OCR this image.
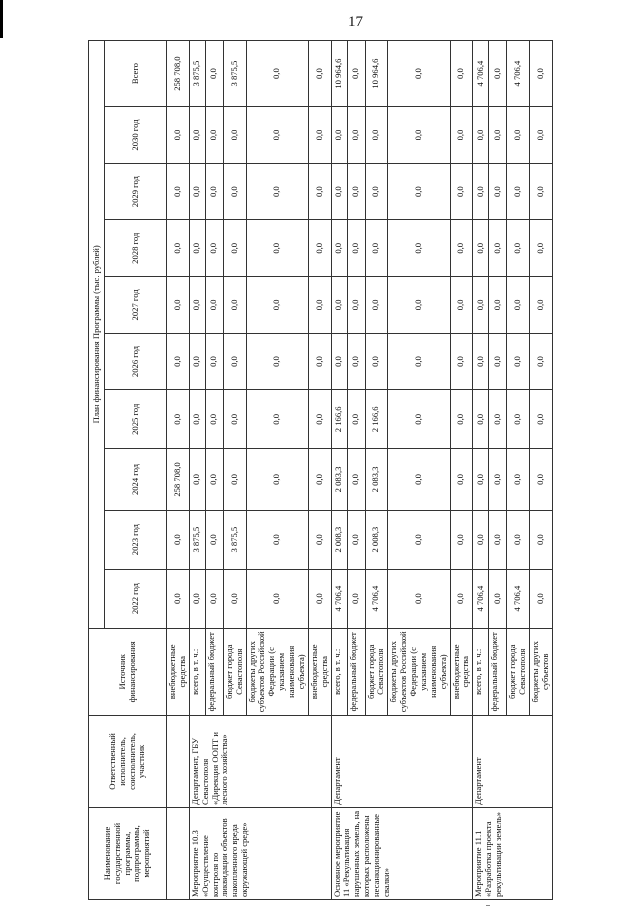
17
Наименование государственной программы, подпрограммы, мероприятий	Ответственный исполнитель, соисполнитель, участник	Источник финансирования	План финансирования Программы (тыс. рублей)									
			2022 год	2023 год	2024 год	2025 год	2026 год	2027 год	2028 год	2029 год	2030 год	Всего
		внебюджетные средства	0,0	0,0	258 708,0	0,0	0,0	0,0	0,0	0,0	0,0	258 708,0
Мероприятие 10.3 «Осуществление контроля по ликвидации объектов накопленного вреда окружающей среде»	Департамент, ГБУ Севастополя «Дирекция ООПТ и лесного хозяйства»	всего, в т. ч.:	0,0	3 875,5	0,0	0,0	0,0	0,0	0,0	0,0	0,0	3 875,5
		федеральный бюджет	0,0	0,0	0,0	0,0	0,0	0,0	0,0	0,0	0,0	0,0
		бюджет города Севастополя	0,0	3 875,5	0,0	0,0	0,0	0,0	0,0	0,0	0,0	3 875,5
		бюджеты других субъектов Российской Федерации (с указанием наименования субъекта)	0,0	0,0	0,0	0,0	0,0	0,0	0,0	0,0	0,0	0,0
		внебюджетные средства	0,0	0,0	0,0	0,0	0,0	0,0	0,0	0,0	0,0	0,0
Основное мероприятие 11 «Рекультивация нарушенных земель, на которых расположены несанкционированные свалки»	Департамент	всего, в т. ч.:	4 706,4	2 008,3	2 083,3	2 166,6	0,0	0,0	0,0	0,0	0,0	10 964,6
		федеральный бюджет	0,0	0,0	0,0	0,0	0,0	0,0	0,0	0,0	0,0	0,0
		бюджет города Севастополя	4 706,4	2 008,3	2 083,3	2 166,6	0,0	0,0	0,0	0,0	0,0	10 964,6
		бюджеты других субъектов Российской Федерации (с указанием наименования субъекта)	0,0	0,0	0,0	0,0	0,0	0,0	0,0	0,0	0,0	0,0
		внебюджетные средства	0,0	0,0	0,0	0,0	0,0	0,0	0,0	0,0	0,0	0,0
Мероприятие 11.1 «Разработка проекта рекультивации земель»	Департамент	всего, в т. ч.:	4 706,4	0,0	0,0	0,0	0,0	0,0	0,0	0,0	0,0	4 706,4
		федеральный бюджет	0,0	0,0	0,0	0,0	0,0	0,0	0,0	0,0	0,0	0,0
		бюджет города Севастополя	4 706,4	0,0	0,0	0,0	0,0	0,0	0,0	0,0	0,0	4 706,4
		бюджеты других субъектов	0,0	0,0	0,0	0,0	0,0	0,0	0,0	0,0	0,0	0,0
